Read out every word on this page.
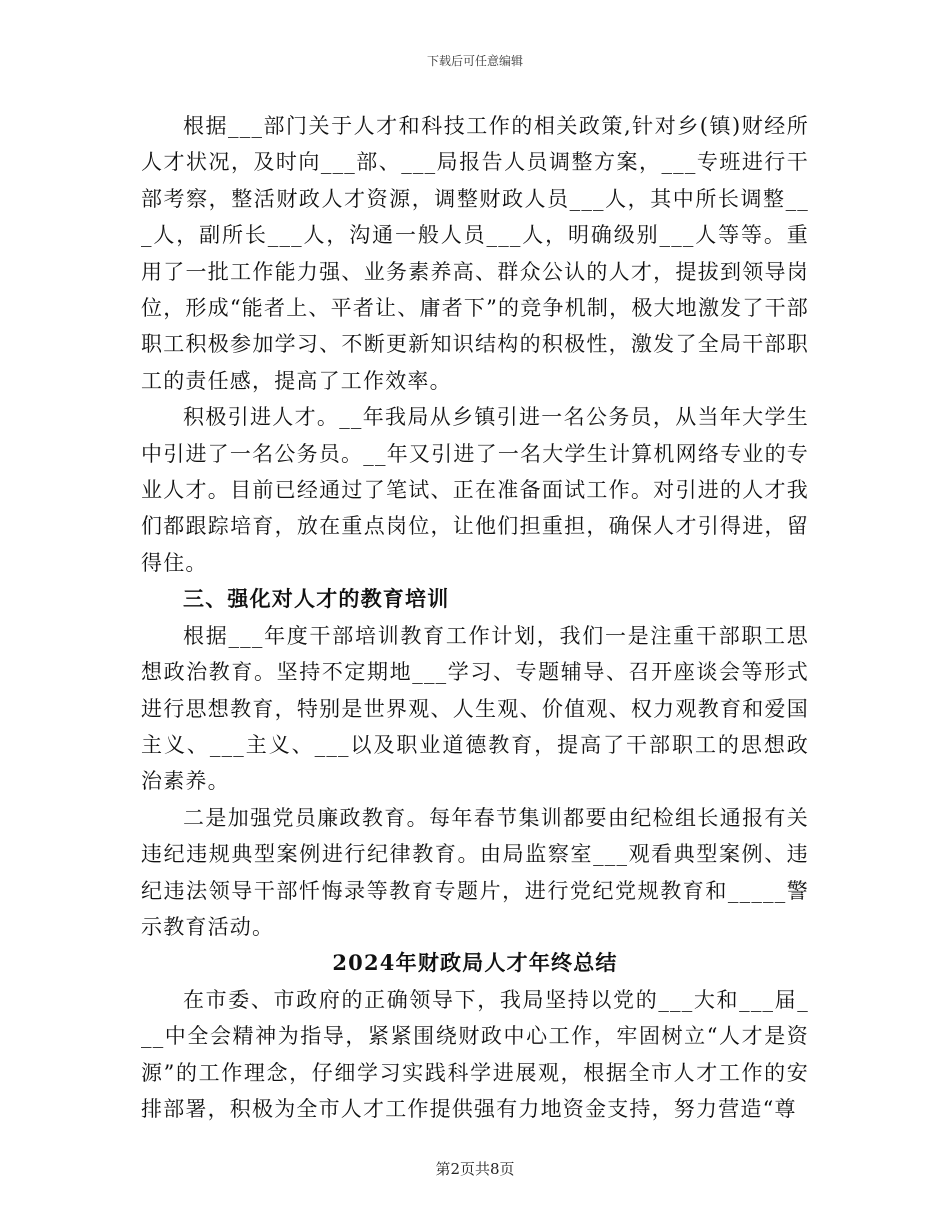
下载后可任意编辑

根据___部门关于人才和科技工作的相关政策,针对乡(镇)财经所人才状况，及时向___部、___局报告人员调整方案，___专班进行干部考察，整活财政人才资源，调整财政人员___人，其中所长调整___人，副所长___人，沟通一般人员___人，明确级别___人等等。重用了一批工作能力强、业务素养高、群众公认的人才，提拔到领导岗位，形成“能者上、平者让、庸者下”的竞争机制，极大地激发了干部职工积极参加学习、不断更新知识结构的积极性，激发了全局干部职工的责任感，提高了工作效率。

积极引进人才。__年我局从乡镇引进一名公务员，从当年大学生中引进了一名公务员。__年又引进了一名大学生计算机网络专业的专业人才。目前已经通过了笔试、正在准备面试工作。对引进的人才我们都跟踪培育，放在重点岗位，让他们担重担，确保人才引得进，留得住。

三、强化对人才的教育培训

根据___年度干部培训教育工作计划，我们一是注重干部职工思想政治教育。坚持不定期地___学习、专题辅导、召开座谈会等形式进行思想教育，特别是世界观、人生观、价值观、权力观教育和爱国主义、___主义、___以及职业道德教育，提高了干部职工的思想政治素养。

二是加强党员廉政教育。每年春节集训都要由纪检组长通报有关违纪违规典型案例进行纪律教育。由局监察室___观看典型案例、违纪违法领导干部忏悔录等教育专题片，进行党纪党规教育和_____警示教育活动。

2024年财政局人才年终总结

在市委、市政府的正确领导下，我局坚持以党的___大和___届___中全会精神为指导，紧紧围绕财政中心工作，牢固树立“人才是资源”的工作理念，仔细学习实践科学进展观，根据全市人才工作的安排部署，积极为全市人才工作提供强有力地资金支持，努力营造“尊

第2页共8页
